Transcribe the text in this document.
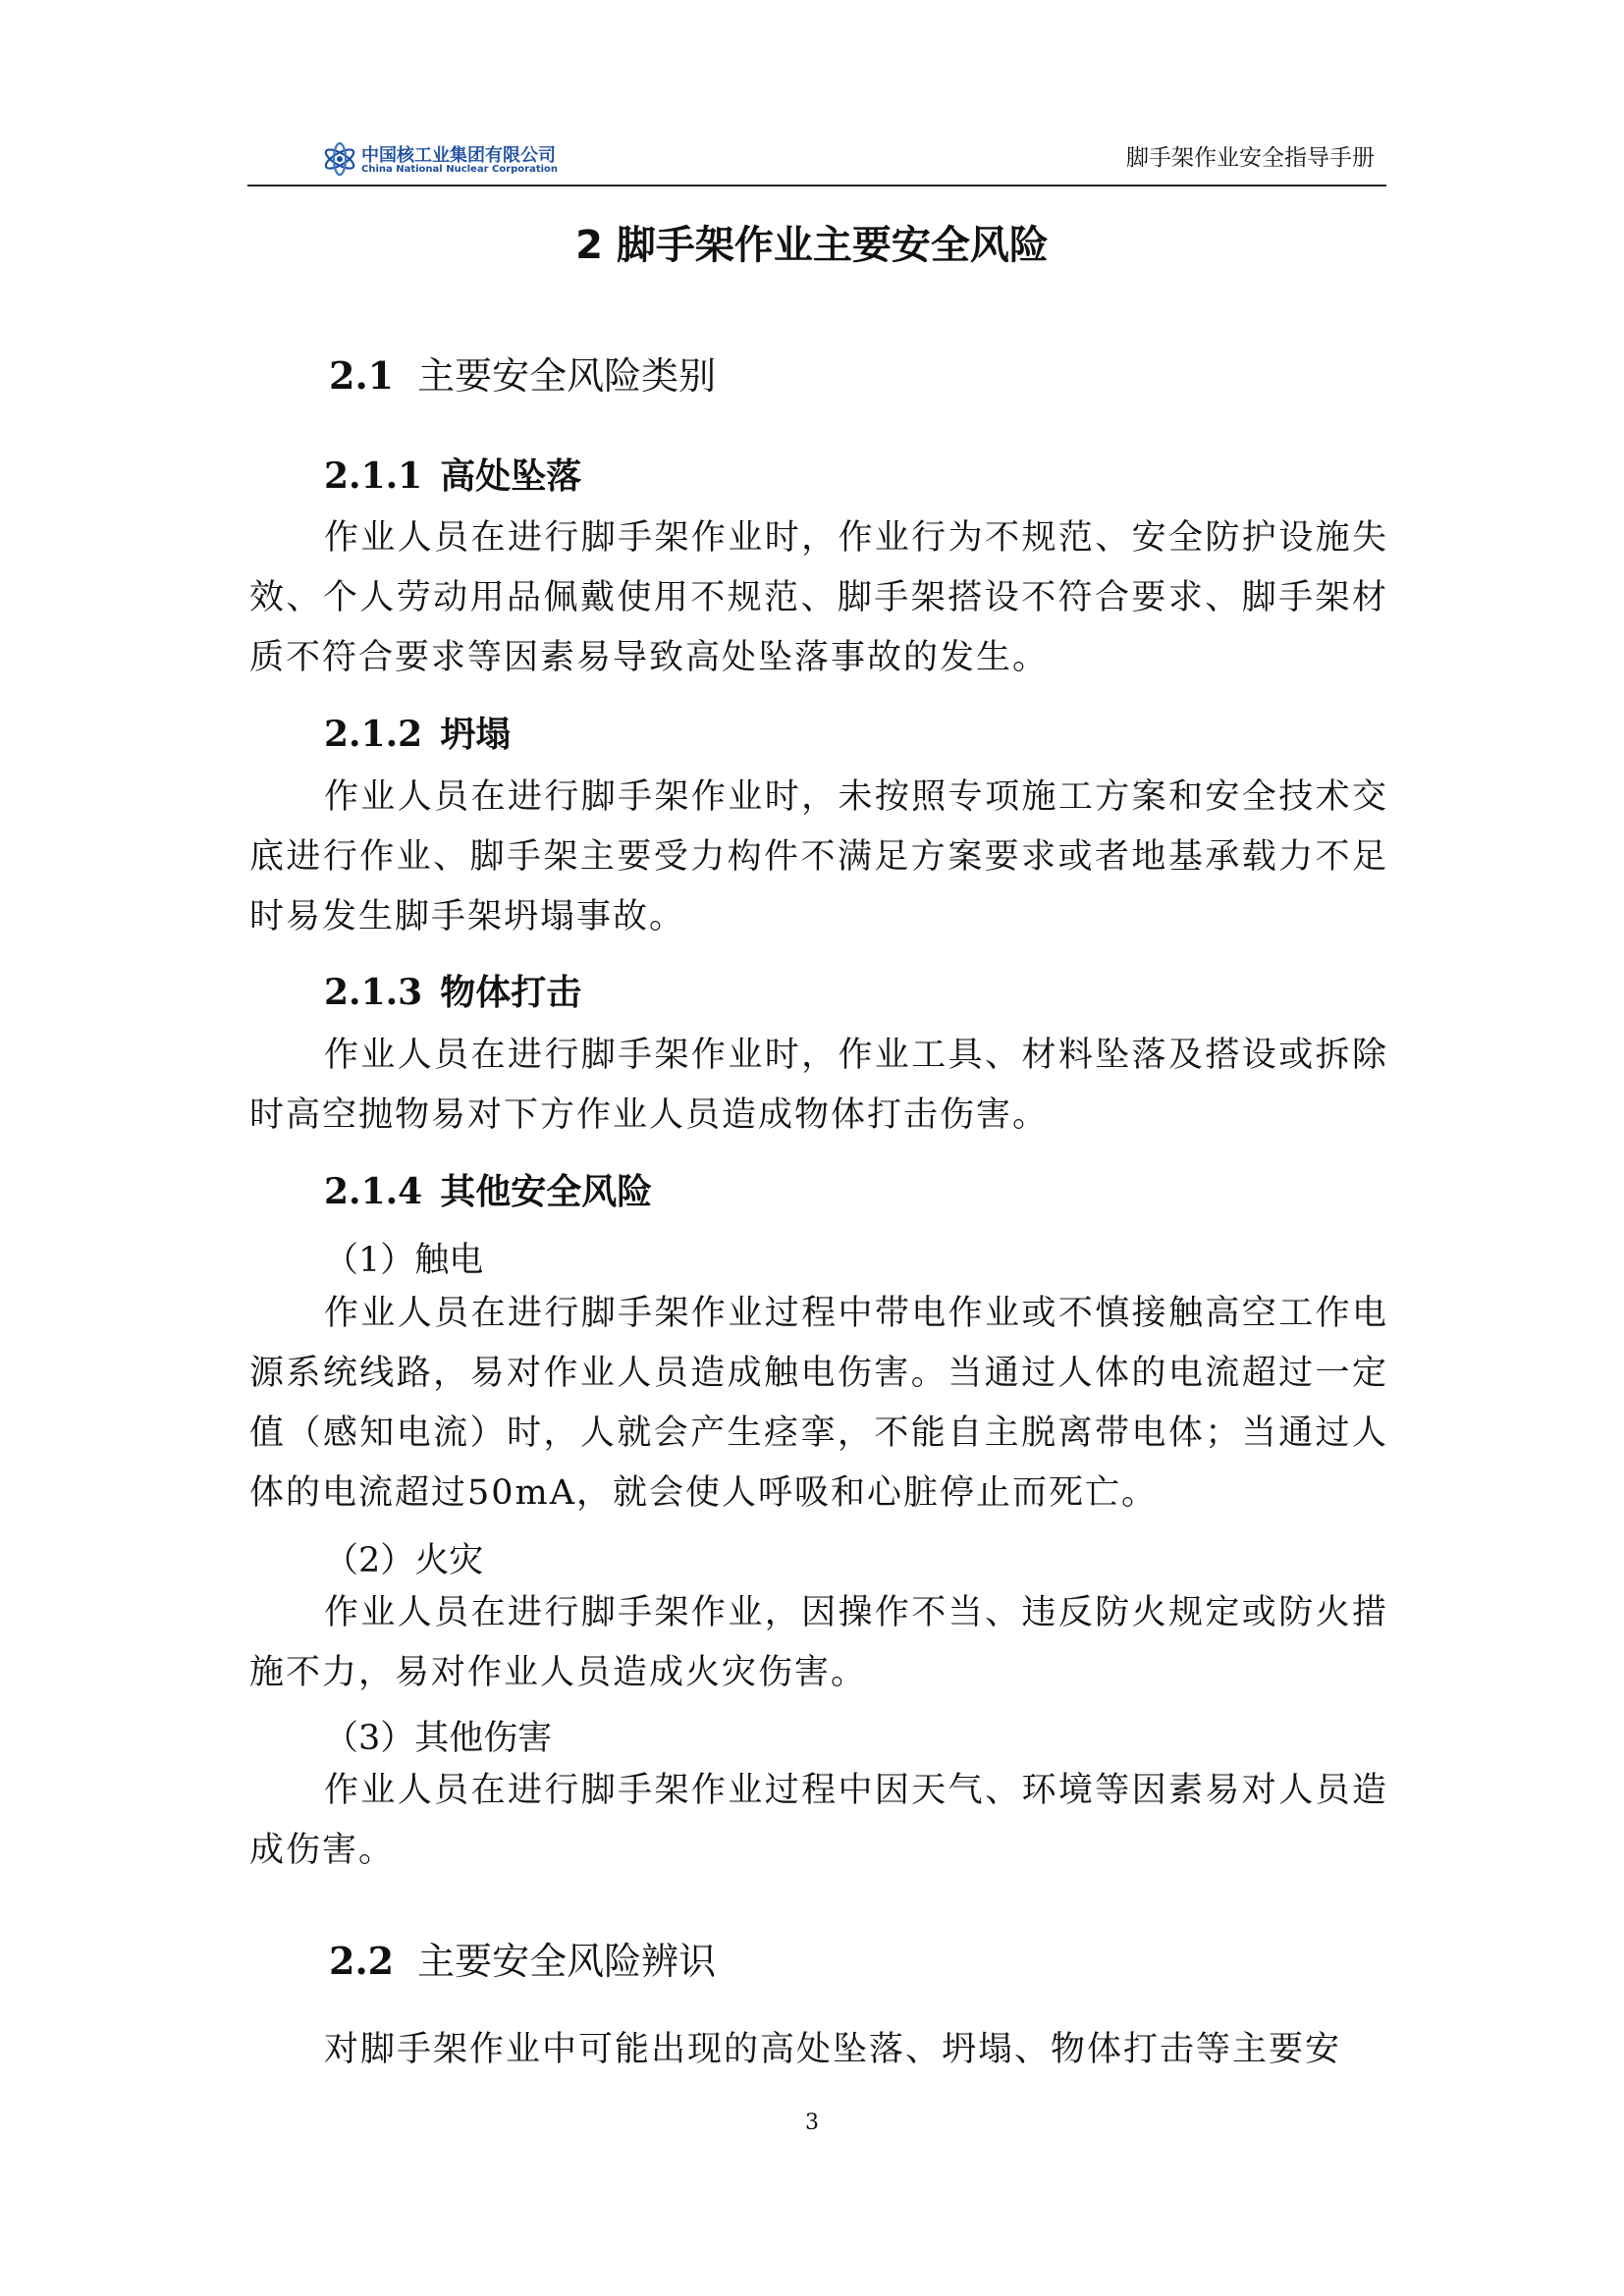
中国核工业集团有限公司
China National Nuclear Corporation	脚手架作业安全指导手册
2 脚手架作业主要安全风险
2.1 主要安全风险类别
2.1.1 高处坠落
作业人员在进行脚手架作业时，作业行为不规范、安全防护设施失效、个人劳动用品佩戴使用不规范、脚手架搭设不符合要求、脚手架材质不符合要求等因素易导致高处坠落事故的发生。
2.1.2 坍塌
作业人员在进行脚手架作业时，未按照专项施工方案和安全技术交底进行作业、脚手架主要受力构件不满足方案要求或者地基承载力不足时易发生脚手架坍塌事故。
2.1.3 物体打击
作业人员在进行脚手架作业时，作业工具、材料坠落及搭设或拆除时高空抛物易对下方作业人员造成物体打击伤害。
2.1.4 其他安全风险
（1）触电
作业人员在进行脚手架作业过程中带电作业或不慎接触高空工作电源系统线路，易对作业人员造成触电伤害。当通过人体的电流超过一定值（感知电流）时，人就会产生痉挛，不能自主脱离带电体；当通过人体的电流超过50mA，就会使人呼吸和心脏停止而死亡。
（2）火灾
作业人员在进行脚手架作业，因操作不当、违反防火规定或防火措施不力，易对作业人员造成火灾伤害。
（3）其他伤害
作业人员在进行脚手架作业过程中因天气、环境等因素易对人员造成伤害。
2.2 主要安全风险辨识
对脚手架作业中可能出现的高处坠落、坍塌、物体打击等主要安
3
